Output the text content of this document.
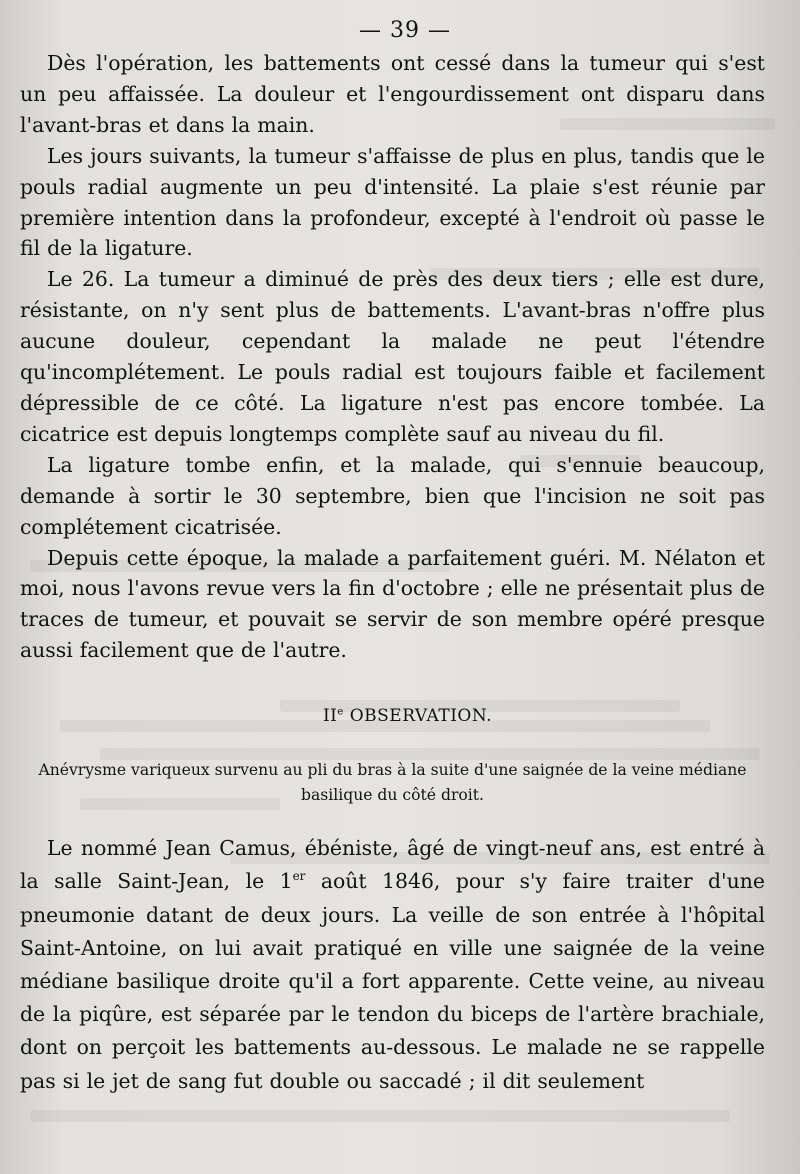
— 39 —

Dès l'opération, les battements ont cessé dans la tumeur qui s'est un peu affaissée. La douleur et l'engourdissement ont disparu dans l'avant-bras et dans la main.

Les jours suivants, la tumeur s'affaisse de plus en plus, tandis que le pouls radial augmente un peu d'intensité. La plaie s'est réunie par première intention dans la profondeur, excepté à l'endroit où passe le fil de la ligature.

Le 26. La tumeur a diminué de près des deux tiers ; elle est dure, résistante, on n'y sent plus de battements. L'avant-bras n'offre plus aucune douleur, cependant la malade ne peut l'étendre qu'incomplétement. Le pouls radial est toujours faible et facilement dépressible de ce côté. La ligature n'est pas encore tombée. La cicatrice est depuis longtemps complète sauf au niveau du fil.

La ligature tombe enfin, et la malade, qui s'ennuie beaucoup, demande à sortir le 30 septembre, bien que l'incision ne soit pas complétement cicatrisée.

Depuis cette époque, la malade a parfaitement guéri. M. Nélaton et moi, nous l'avons revue vers la fin d'octobre ; elle ne présentait plus de traces de tumeur, et pouvait se servir de son membre opéré presque aussi facilement que de l'autre.

IIe OBSERVATION.
Anévrysme variqueux survenu au pli du bras à la suite d'une saignée de la veine médiane basilique du côté droit.

Le nommé Jean Camus, ébéniste, âgé de vingt-neuf ans, est entré à la salle Saint-Jean, le 1er août 1846, pour s'y faire traiter d'une pneumonie datant de deux jours. La veille de son entrée à l'hôpital Saint-Antoine, on lui avait pratiqué en ville une saignée de la veine médiane basilique droite qu'il a fort apparente. Cette veine, au niveau de la piqûre, est séparée par le tendon du biceps de l'artère brachiale, dont on perçoit les battements au-dessous. Le malade ne se rappelle pas si le jet de sang fut double ou saccadé ; il dit seulement
